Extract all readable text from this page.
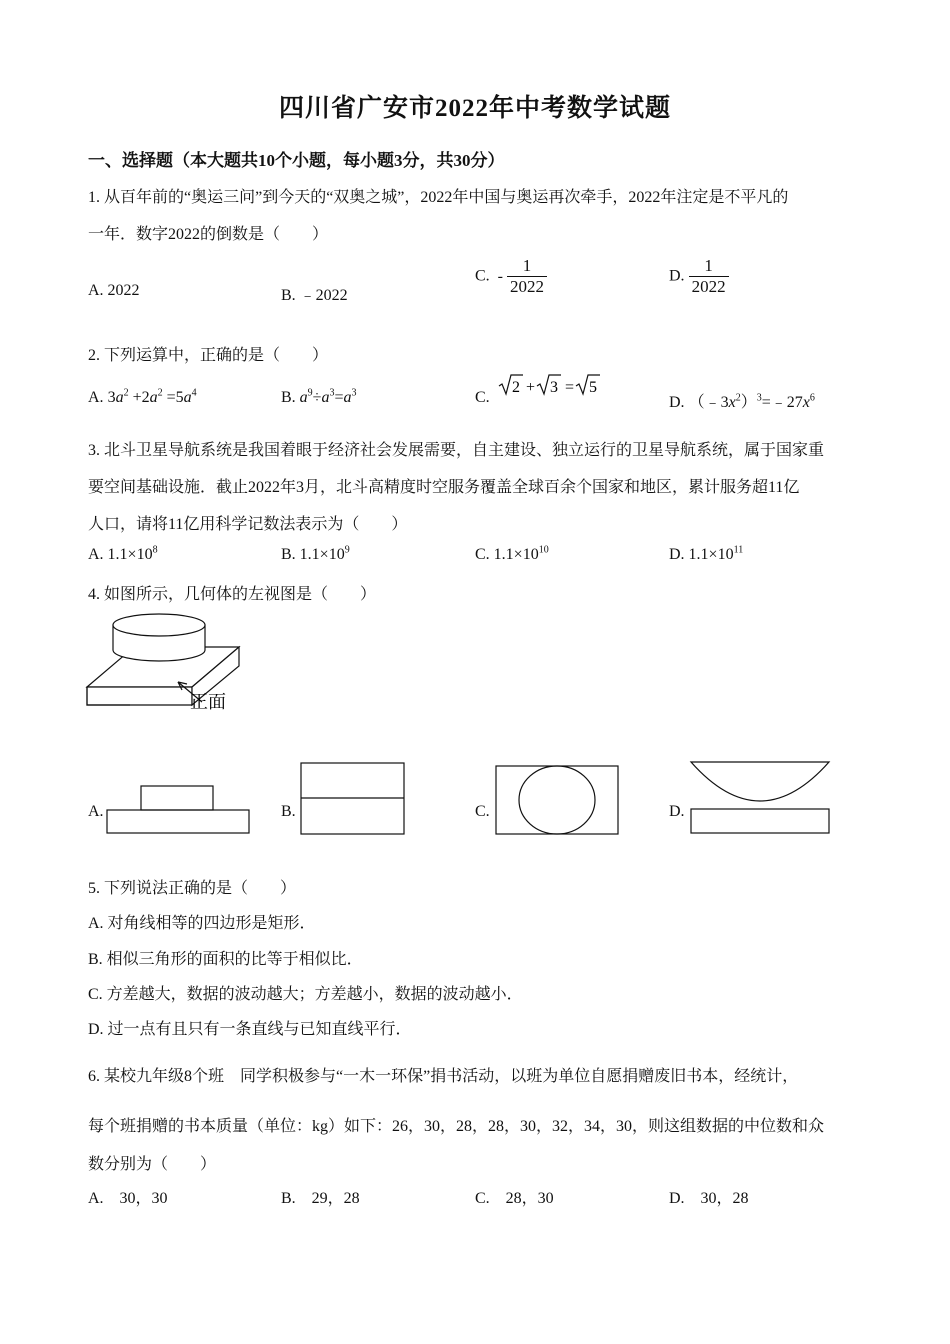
四川省广安市2022年中考数学试题
一、选择题（本大题共10个小题，每小题3分，共30分）
1. 从百年前的“奥运三问”到今天的“双奥之城”，2022年中国与奥运再次牵手，2022年注定是不平凡的
一年．数字2022的倒数是（　　）
A. 2022	B. ﹣2022
C. - $\frac{1}{2022}$	D. $\frac{1}{2022}$
2. 下列运算中，正确的是（　　）
A. $3a^2 +2a^2 =5a^4$	B. $a^9\div a^3=a^3$	C.
2 + 3 = 5
D. $(﹣3x^2)^3=﹣27x^6$
3. 北斗卫星导航系统是我国着眼于经济社会发展需要，自主建设、独立运行的卫星导航系统，属于国家重
要空间基础设施．截止2022年3月，北斗高精度时空服务覆盖全球百余个国家和地区，累计服务超11亿
人口，请将11亿用科学记数法表示为（　　）
A. $1.1\times 10^8$	B. $1.1\times 10^9$	C. $1.1\times 10^{10}$	D. $1.1\times 10^{11}$
4. 如图所示，几何体的左视图是（　　）
正面
A.	B.	C.	D.
5. 下列说法正确的是（　　）
A. 对角线相等的四边形是矩形．
B. 相似三角形的面积的比等于相似比．
C. 方差越大，数据的波动越大；方差越小，数据的波动越小．
D. 过一点有且只有一条直线与已知直线平行．
6. 某校九年级8个班　同学积极参与“一木一环保”捐书活动，以班为单位自愿捐赠废旧书本，经统计，
每个班捐赠的书本质量（单位：kg）如下：26，30，28，28，30，32，34，30，则这组数据的中位数和众
数分别为（　　）
A.　30，30	B.　29，28	C.　28，30	D.　30，28
